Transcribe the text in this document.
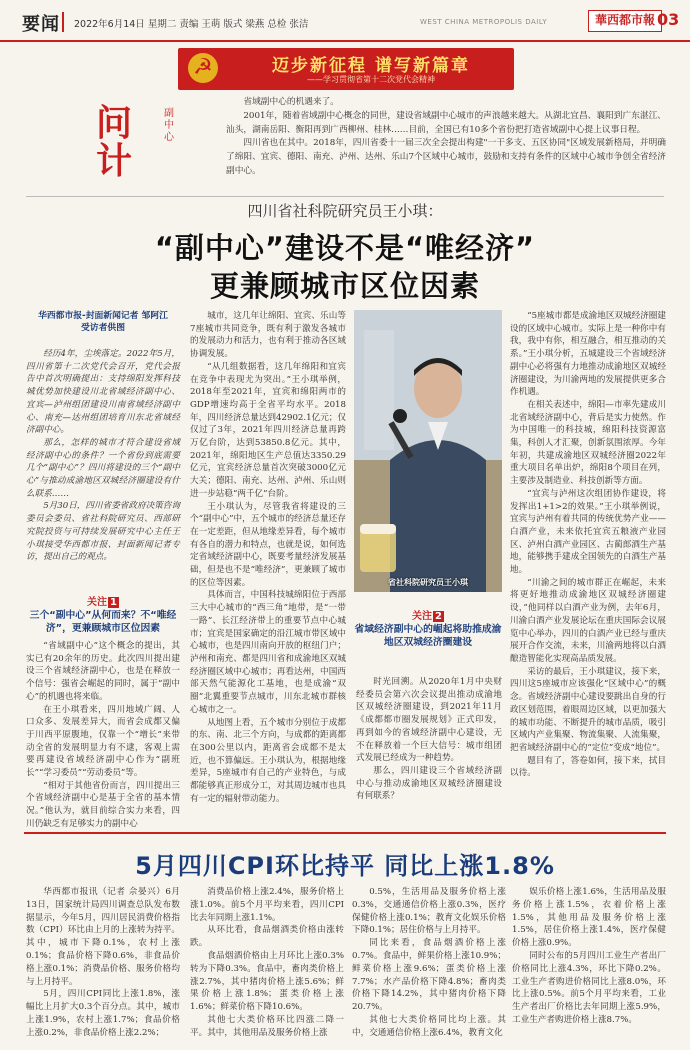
要闻 2022年6月14日 星期二 责编 王萌 版式 梁燕 总检 张洁	WEST CHINA METROPOLIS DAILY	華西都市報 03
☭	迈步新征程 谱写新篇章
——学习贯彻省第十二次党代会精神
问计
副中心

省域副中心的机遇来了。

2001年，随着省域副中心概念的同世，建设省域副中心城市的声浪越来越大。从湖北宜昌、襄阳到广东湛江、汕头，湖南岳阳、衡阳再到广西柳州、桂林……目前，全国已有10多个省份把打造省域副中心提上议事日程。

四川省也在其中。2018年，四川省委十一届三次全会提出构建"一干多支、五区协同"区域发展新格局，并明确了绵阳、宜宾、德阳、南充、泸州、达州、乐山7个区域中心城市，鼓励和支持有条件的区域中心城市争创全省经济副中心。

四川省社科院研究员王小琪：
“副中心”建设不是“唯经济”
更兼顾城市区位因素
华西都市报-封面新闻记者 邹阿江
受访者供图

经历4年，尘埃落定。2022年5月，四川省第十二次党代会召开，党代会报告中首次明确提出：支持绵阳发挥科技城优势加快建设川北省域经济副中心、宜宾—泸州组团建设川南省域经济副中心、南充—达州组团培育川东北省域经济副中心。

那么，怎样的城市才符合建设省域经济副中心的条件？一个省份到底需要几个“副中心”？四川将建设的三个“副中心”与推动成渝地区双城经济圈建设有什么联系……

5月30日，四川省委省政府决策咨询委员会委员、省社科院研究员、西部研究院投资与可持续发展研究中心主任王小琪接受华西都市报、封面新闻记者专访，提出自己的观点。

关注 1
三个“副中心”从何而来？不“唯经济”，更兼顾城市区位因素

“省域副中心”这个概念的提出，其实已有20余年的历史。此次四川提出建设三个省域经济副中心，也是在释放一个信号：强省会崛起的同时，属于“副中心”的机遇也将来临。

在王小琪看来，四川地域广阔、人口众多、发展差异大，而省会成都又偏于川西平原腹地，仅靠一个“增长”来带动全省的发展明显力有不逮，客观上需要再建设省域经济副中心作为“副班长”“学习委员”“劳动委员”等。

“相对于其他省份而言，四川提出三个省域经济副中心是基于全省的基本情况。”他认为，就目前综合实力来看，四川仍缺乏有足够实力的副中心

城市，这几年让绵阳、宜宾、乐山等7座城市共同竞争，既有利于激发各城市的发展动力和活力，也有利于推动各区域协调发展。

“从几组数据看，这几年绵阳和宜宾在竞争中表现尤为突出。”王小琪举例，2018年至2021年，宜宾和绵阳两市的GDP增速均高于全省平均水平。2018年，四川经济总量达到42902.1亿元；仅仅过了3年，2021年四川经济总量再跨万亿台阶，达到53850.8亿元。其中，2021年，绵阳地区生产总值达3350.29亿元，宜宾经济总量首次突破3000亿元大关；德阳、南充、达州、泸州、乐山则进一步站稳“两千亿”台阶。

王小琪认为，尽管我省将建设的三个“副中心”中，五个城市的经济总量还存在一定差距，但从地缘差异看，每个城市有各自的潜力和特点，也就是说，如何选定省域经济副中心，既要考量经济发展基础，但是也不是“唯经济”，更兼顾了城市的区位等因素。

具体而言，中国科技城绵阳位于西部三大中心城市的“西三角”地带，是“一带一路”、长江经济带上的重要节点中心城市；宜宾是国家确定的沿江城市带区域中心城市，也是四川南向开放的枢纽门户；泸州和南充、都是四川省和成渝地区双城经济圈区域中心城市；再看达州，中国西部天然气能源化工基地，也是成渝“双圈”北翼重要节点城市，川东北城市群核心城市之一。

从地图上看，五个城市分别位于成都的东、南、北三个方向，与成都的距离都在300公里以内，距离省会成都不是太近，也不算偏远。王小琪认为，根据地缘差异，5座城市有自己的产业特色，与成都能够真正形成分工，对其周边城市也具有一定的辐射带动能力。

省社科院研究员王小琪
关注 2
省域经济副中心的崛起将助推成渝地区双城经济圈建设

时光回溯。从2020年1月中央财经委员会第六次会议提出推动成渝地区双城经济圈建设，到2021年11月《成都都市圈发展规划》正式印发，再到如今的省域经济副中心建设，无不在释放着一个巨大信号：城市组团式发展已经成为一种趋势。

那么，四川建设三个省域经济副中心与推动成渝地区双城经济圈建设有何联系？

“5座城市都是成渝地区双城经济圈建设的区域中心城市。实际上是一种你中有我，我中有你，相互融合，相互推动的关系。”王小琪分析，五城建设三个省域经济副中心必将强有力地推动成渝地区双城经济圈建设，为川渝两地的发展提供更多合作机遇。

在相关表述中，绵阳—市率先建成川北省域经济副中心，背后是实力使然。作为中国唯一的科技城，绵阳科技资源富集，科创人才汇聚，创新氛围浓厚。今年年初，共建成渝地区双城经济圈2022年重大项目名单出炉，绵阳8个项目在列，主要涉及制造业、科技创新等方面。

“宜宾与泸州这次组团协作建设，将发挥出1+1>2的效果。”王小琪举例说，宜宾与泸州有着共同的传统优势产业——白酒产业，未来依托宜宾五粮液产业园区、泸州白酒产业园区、古蔺郎酒生产基地，能够携手建成全国领先的白酒生产基地。

“川渝之间的城市群正在崛起，未来将更好地推动成渝地区双城经济圈建设，”他同样以白酒产业为例，去年6月，川渝白酒产业发展论坛在重庆国际会议展览中心举办，四川的白酒产业已经与重庆展开合作交流，未来，川渝两地将以白酒酿造智能化实现高品质发展。

采访的最后，王小琪建议，接下来，四川这5座城市应该强化“区域中心”的概念。省域经济副中心建设要跳出自身的行政区划范围，着眼周边区域，以更加强大的城市功能、不断提升的城市品质，吸引区域内产业集聚、物流集聚、人流集聚，把省域经济副中心的“定位”变成“地位”。

题目有了，答卷如何，接下来，拭目以待。

5月四川CPI环比持平 同比上涨1.8%

华西都市报讯（记者 佘晏兴）6月13日，国家统计局四川调查总队发布数据显示，今年5月，四川居民消费价格指数（CPI）环比由上月的上涨转为持平。其中，城市下降0.1%，农村上涨0.1%；食品价格下降0.6%，非食品价格上涨0.1%；消费品价格、服务价格均与上月持平。

5月，四川CPI同比上涨1.8%，涨幅比上月扩大0.3个百分点。其中，城市上涨1.9%，农村上涨1.7%；食品价格上涨0.2%，非食品价格上涨2.2%；

消费品价格上涨2.4%，服务价格上涨1.0%。前5个月平均来看，四川CPI比去年同期上涨1.1%。

从环比看，食品烟酒类价格由涨转跌。

食品烟酒价格由上月环比上涨0.3%转为下降0.3%。食品中，畜肉类价格上涨2.7%，其中猪肉价格上涨5.6%；鲜果价格上涨1.8%；蛋类价格上涨1.6%；鲜菜价格下降10.6%。

其他七大类价格环比四涨二降一平。其中，其他用品及服务价格上涨

0.5%，生活用品及服务价格上涨0.3%，交通通信价格上涨0.3%，医疗保健价格上涨0.1%；教育文化娱乐价格下降0.1%；居住价格与上月持平。

同比来看，食品烟酒价格上涨0.7%。食品中，鲜果价格上涨10.9%；鲜菜价格上涨9.6%；蛋类价格上涨7.7%；水产品价格下降4.8%；畜肉类价格下降14.2%，其中猪肉价格下降20.7%。

其他七大类价格同比均上涨。其中，交通通信价格上涨6.4%，教育文化

娱乐价格上涨1.6%，生活用品及服务价格上涨1.5%，衣着价格上涨1.5%，其他用品及服务价格上涨1.5%，居住价格上涨1.4%，医疗保健价格上涨0.9%。

同时公布的5月四川工业生产者出厂价格同比上涨4.3%，环比下降0.2%。工业生产者购进价格同比上涨8.0%，环比上涨0.5%。前5个月平均来看，工业生产者出厂价格比去年同期上涨5.9%，工业生产者购进价格上涨8.7%。
